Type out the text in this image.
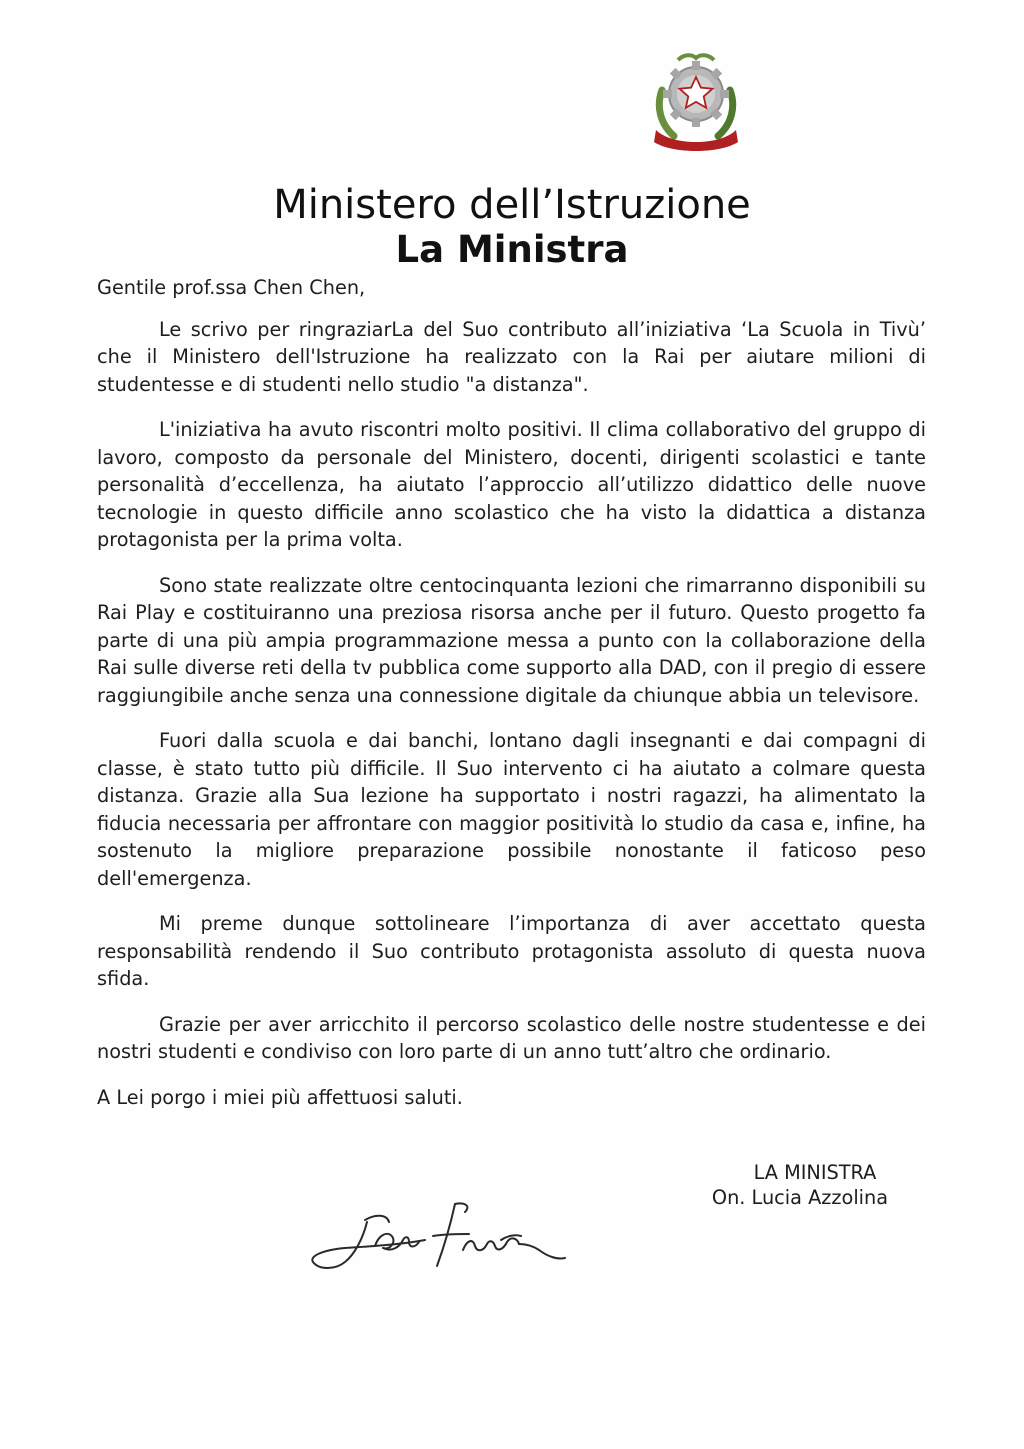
Ministero dell’Istruzione
La Ministra

Gentile prof.ssa Chen Chen,

Le scrivo per ringraziarLa del Suo contributo all’iniziativa ‘La Scuola in Tivù’ che il Ministero dell'Istruzione ha realizzato con la Rai per aiutare milioni di studentesse e di studenti nello studio "a distanza".

L'iniziativa ha avuto riscontri molto positivi. Il clima collaborativo del gruppo di lavoro, composto da personale del Ministero, docenti, dirigenti scolastici e tante personalità d’eccellenza, ha aiutato l’approccio all’utilizzo didattico delle nuove tecnologie in questo difficile anno scolastico che ha visto la didattica a distanza protagonista per la prima volta.

Sono state realizzate oltre centocinquanta lezioni che rimarranno disponibili su Rai Play e costituiranno una preziosa risorsa anche per il futuro. Questo progetto fa parte di una più ampia programmazione messa a punto con la collaborazione della Rai sulle diverse reti della tv pubblica come supporto alla DAD, con il pregio di essere raggiungibile anche senza una connessione digitale da chiunque abbia un televisore.

Fuori dalla scuola e dai banchi, lontano dagli insegnanti e dai compagni di classe, è stato tutto più difficile. Il Suo intervento ci ha aiutato a colmare questa distanza. Grazie alla Sua lezione ha supportato i nostri ragazzi, ha alimentato la fiducia necessaria per affrontare con maggior positività lo studio da casa e, infine, ha sostenuto la migliore preparazione possibile nonostante il faticoso peso dell'emergenza.

Mi preme dunque sottolineare l’importanza di aver accettato questa responsabilità rendendo il Suo contributo protagonista assoluto di questa nuova sfida.

Grazie per aver arricchito il percorso scolastico delle nostre studentesse e dei nostri studenti e condiviso con loro parte di un anno tutt’altro che ordinario.

A Lei porgo i miei più affettuosi saluti.

LA MINISTRA
On. Lucia Azzolina
